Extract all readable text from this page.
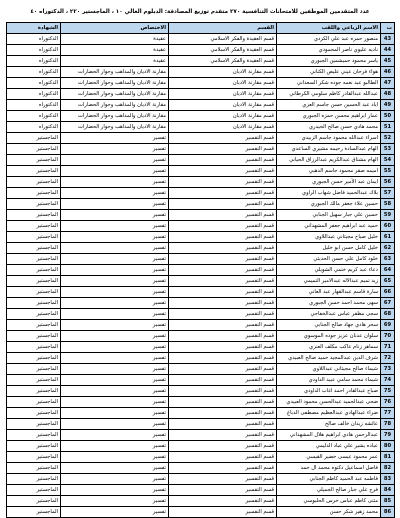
عدد المتقدمين الموظفين للامتحانات التنافسية ٢٧٠ متقدم توزيع المصادقة: الدبلوم العالي ١٠ ، الماجستير ٢٢٠ ، الدكتوراه ٤٠
ت	الاسم الرباعي واللقب	القسم	الاختصاص	الشهادة
43	منصور حمزه عبد علي الكردي	قسم العقيدة والفكر الاسلامي	عقيدة	الدكتوراه
44	ناديه عليوي ناصر المحمودي	قسم العقيدة والفكر الاسلامي	عقيدة	الدكتوراه
45	ياسر محمود حميشمين الجبوري	قسم العقيدة والفكر الاسلامي	عقيدة	الدكتوراه
46	هواء فرحان عيني عليص الكناني	قسم مقارنة الاديان	مقارنة الاديان والمذاهب وحوار الحضارات	الدكتوراه
47	الطالبو عبد نعمه جوده شكر السعداني	قسم مقارنة الاديان	مقارنة الاديان والمذاهب وحوار الحضارات	الدكتوراه
48	عبدالله عبدالقادر كاظم سلومي الكرطاني	قسم مقارنة الاديان	مقارنة الاديان والمذاهب وحوار الحضارات	الدكتوراه
49	اياد عبد الحسين حسن جاسم العزي	قسم مقارنة الاديان	مقارنة الاديان والمذاهب وحوار الحضارات	الدكتوراه
50	عمار ابراهيم محسن حمزه الجبوري	قسم مقارنة الاديان	مقارنة الاديان والمذاهب وحوار الحضارات	الدكتوراه
51	محمد هادي حسن صالح الحيدري	قسم مقارنة الاديان	مقارنة الاديان والمذاهب وحوار الحضارات	الدكتوراه
52	اسراء عبدالله محمود جاسم الزبيدي	قسم التفسير	تفسير	الماجستير
53	الهام عبدالسادة رحيمه مشيري الساعدي	قسم التفسير	تفسير	الماجستير
54	الهام مشتاق عبدالكريم عبدالرزاق الحياني	قسم التفسير	تفسير	الماجستير
55	اميمه صقر محمود جاسم الذهبي	قسم التفسير	تفسير	الماجستير
56	ايمان عبد الأمير حسن الجبوري	قسم التفسير	تفسير	الماجستير
57	بلاك عبدالحميد فاضل شهاب الراوي	قسم التفسير	تفسير	الماجستير
58	حسين علاء جعفر مالك الجبوري	قسم التفسير	تفسير	الماجستير
59	حسين علي جبار سهيل الجنابي	قسم التفسير	تفسير	الماجستير
60	حميد عبد ابراهيم جعفر المشهداني	قسم التفسير	تفسير	الماجستير
61	خليل صباح مجيثاني عبداللاوي	قسم التفسير	تفسير	الماجستير
62	خليل كامل حسن ابو خليل	قسم التفسير	تفسير	الماجستير
63	خلود كامل علي حسن الحديثي	قسم التفسير	تفسير	الماجستير
64	دعاء عبد كريم ختمي الشويلي	قسم التفسير	تفسير	الماجستير
65	زيد تميم عبدالاله عبدالامير التميمي	قسم التفسير	تفسير	الماجستير
66	سارة قاسم عبدالقهار عبد العاني	قسم التفسير	تفسير	الماجستير
67	سهى محمد احمد حسن الجبوري	قسم التفسير	تفسير	الماجستير
68	سجى مظفر عباس عبدالخفاجي	قسم التفسير	تفسير	الماجستير
69	سحر هادي جهاد صالح الجنابي	قسم التفسير	تفسير	الماجستير
70	سلوان عدنان عزيز جوده الموسوي	قسم التفسير	تفسير	الماجستير
71	سماهر زنام عاكب مكلف العنزي	قسم التفسير	تفسير	الماجستير
72	شرف الدين عبدالمجيد حميد صالح العبيدي	قسم التفسير	تفسير	الماجستير
73	شيماء صالح مجيثاني عبداللاوي	قسم التفسير	تفسير	الماجستير
74	شيماء محمد سامي عبيد الداودي	قسم التفسير	تفسير	الماجستير
75	صباح عبدالقادر احمد اغاب الداودي	قسم التفسير	تفسير	الماجستير
76	ضحى عبدالحميد عبدالحسن محمود العبيدي	قسم التفسير	تفسير	الماجستير
77	ضراء عبدالهادي عبدالعظيم مصطفى الدباغ	قسم التفسير	تفسير	الماجستير
78	عائشه زيدان خالف صالح	قسم التفسير	تفسير	الماجستير
79	عبدالرحمن هادي ابراهيم هلال المشهداني	قسم التفسير	تفسير	الماجستير
80	عباده يشير علي عباد الدليمي	قسم التفسير	تفسير	الماجستير
81	عمر محمود عيسى خضير القيسي	قسم التفسير	تفسير	الماجستير
82	فاضل اسماعيل دكتوه محمد ال حمد	قسم التفسير	تفسير	الماجستير
83	فاطمه عبد الحميد كاظم الجنابي	قسم التفسير	تفسير	الماجستير
84	فرج علي جبار صالح الجميلي	قسم التفسير	تفسير	الماجستير
85	مثنى كاظم عباس خرس الحلبوسي	قسم التفسير	تفسير	الماجستير
86	محمد زهير شكر حسن	قسم التفسير	تفسير	الماجستير
